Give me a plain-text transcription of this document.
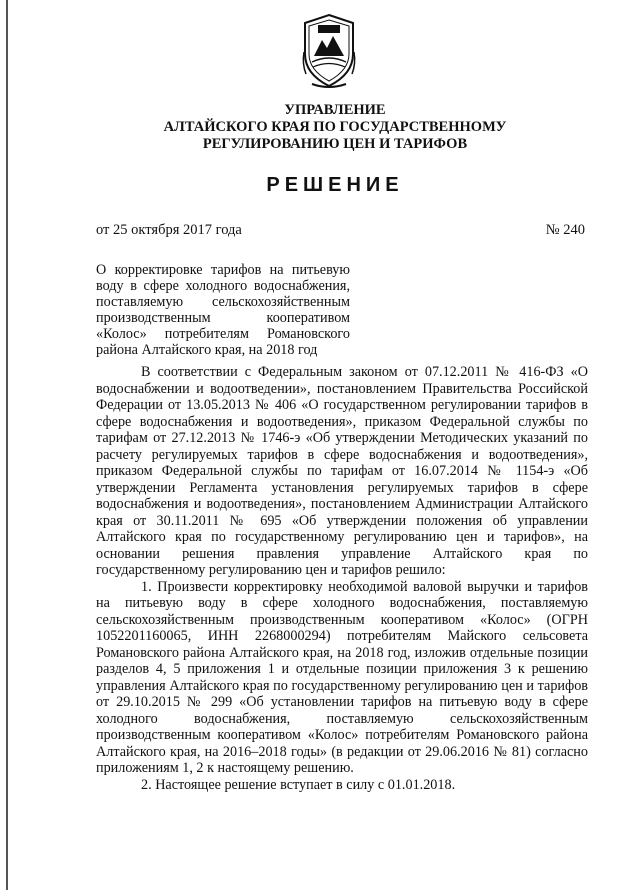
УПРАВЛЕНИЕ
АЛТАЙСКОГО КРАЯ ПО ГОСУДАРСТВЕННОМУ
РЕГУЛИРОВАНИЮ ЦЕН И ТАРИФОВ
РЕШЕНИЕ
от 25 октября 2017 года	№ 240
О корректировке тарифов на питьевую воду в сфере холодного водоснабжения, поставляемую сельскохозяйственным производственным кооперативом «Колос» потребителям Романовского района Алтайского края, на 2018 год

В соответствии с Федеральным законом от 07.12.2011 № 416-ФЗ «О водоснабжении и водоотведении», постановлением Правительства Российской Федерации от 13.05.2013 № 406 «О государственном регулировании тарифов в сфере водоснабжения и водоотведения», приказом Федеральной службы по тарифам от 27.12.2013 № 1746-э «Об утверждении Методических указаний по расчету регулируемых тарифов в сфере водоснабжения и водоотведения», приказом Федеральной службы по тарифам от 16.07.2014 № 1154-э «Об утверждении Регламента установления регулируемых тарифов в сфере водоснабжения и водоотведения», постановлением Администрации Алтайского края от 30.11.2011 № 695 «Об утверждении положения об управлении Алтайского края по государственному регулированию цен и тарифов», на основании решения правления управление Алтайского края по государственному регулированию цен и тарифов решило:

1. Произвести корректировку необходимой валовой выручки и тарифов на питьевую воду в сфере холодного водоснабжения, поставляемую сельскохозяйственным производственным кооперативом «Колос» (ОГРН 1052201160065, ИНН 2268000294) потребителям Майского сельсовета Романовского района Алтайского края, на 2018 год, изложив отдельные позиции разделов 4, 5 приложения 1 и отдельные позиции приложения 3 к решению управления Алтайского края по государственному регулированию цен и тарифов от 29.10.2015 № 299 «Об установлении тарифов на питьевую воду в сфере холодного водоснабжения, поставляемую сельскохозяйственным производственным кооперативом «Колос» потребителям Романовского района Алтайского края, на 2016–2018 годы» (в редакции от 29.06.2016 № 81) согласно приложениям 1, 2 к настоящему решению.

2. Настоящее решение вступает в силу с 01.01.2018.
